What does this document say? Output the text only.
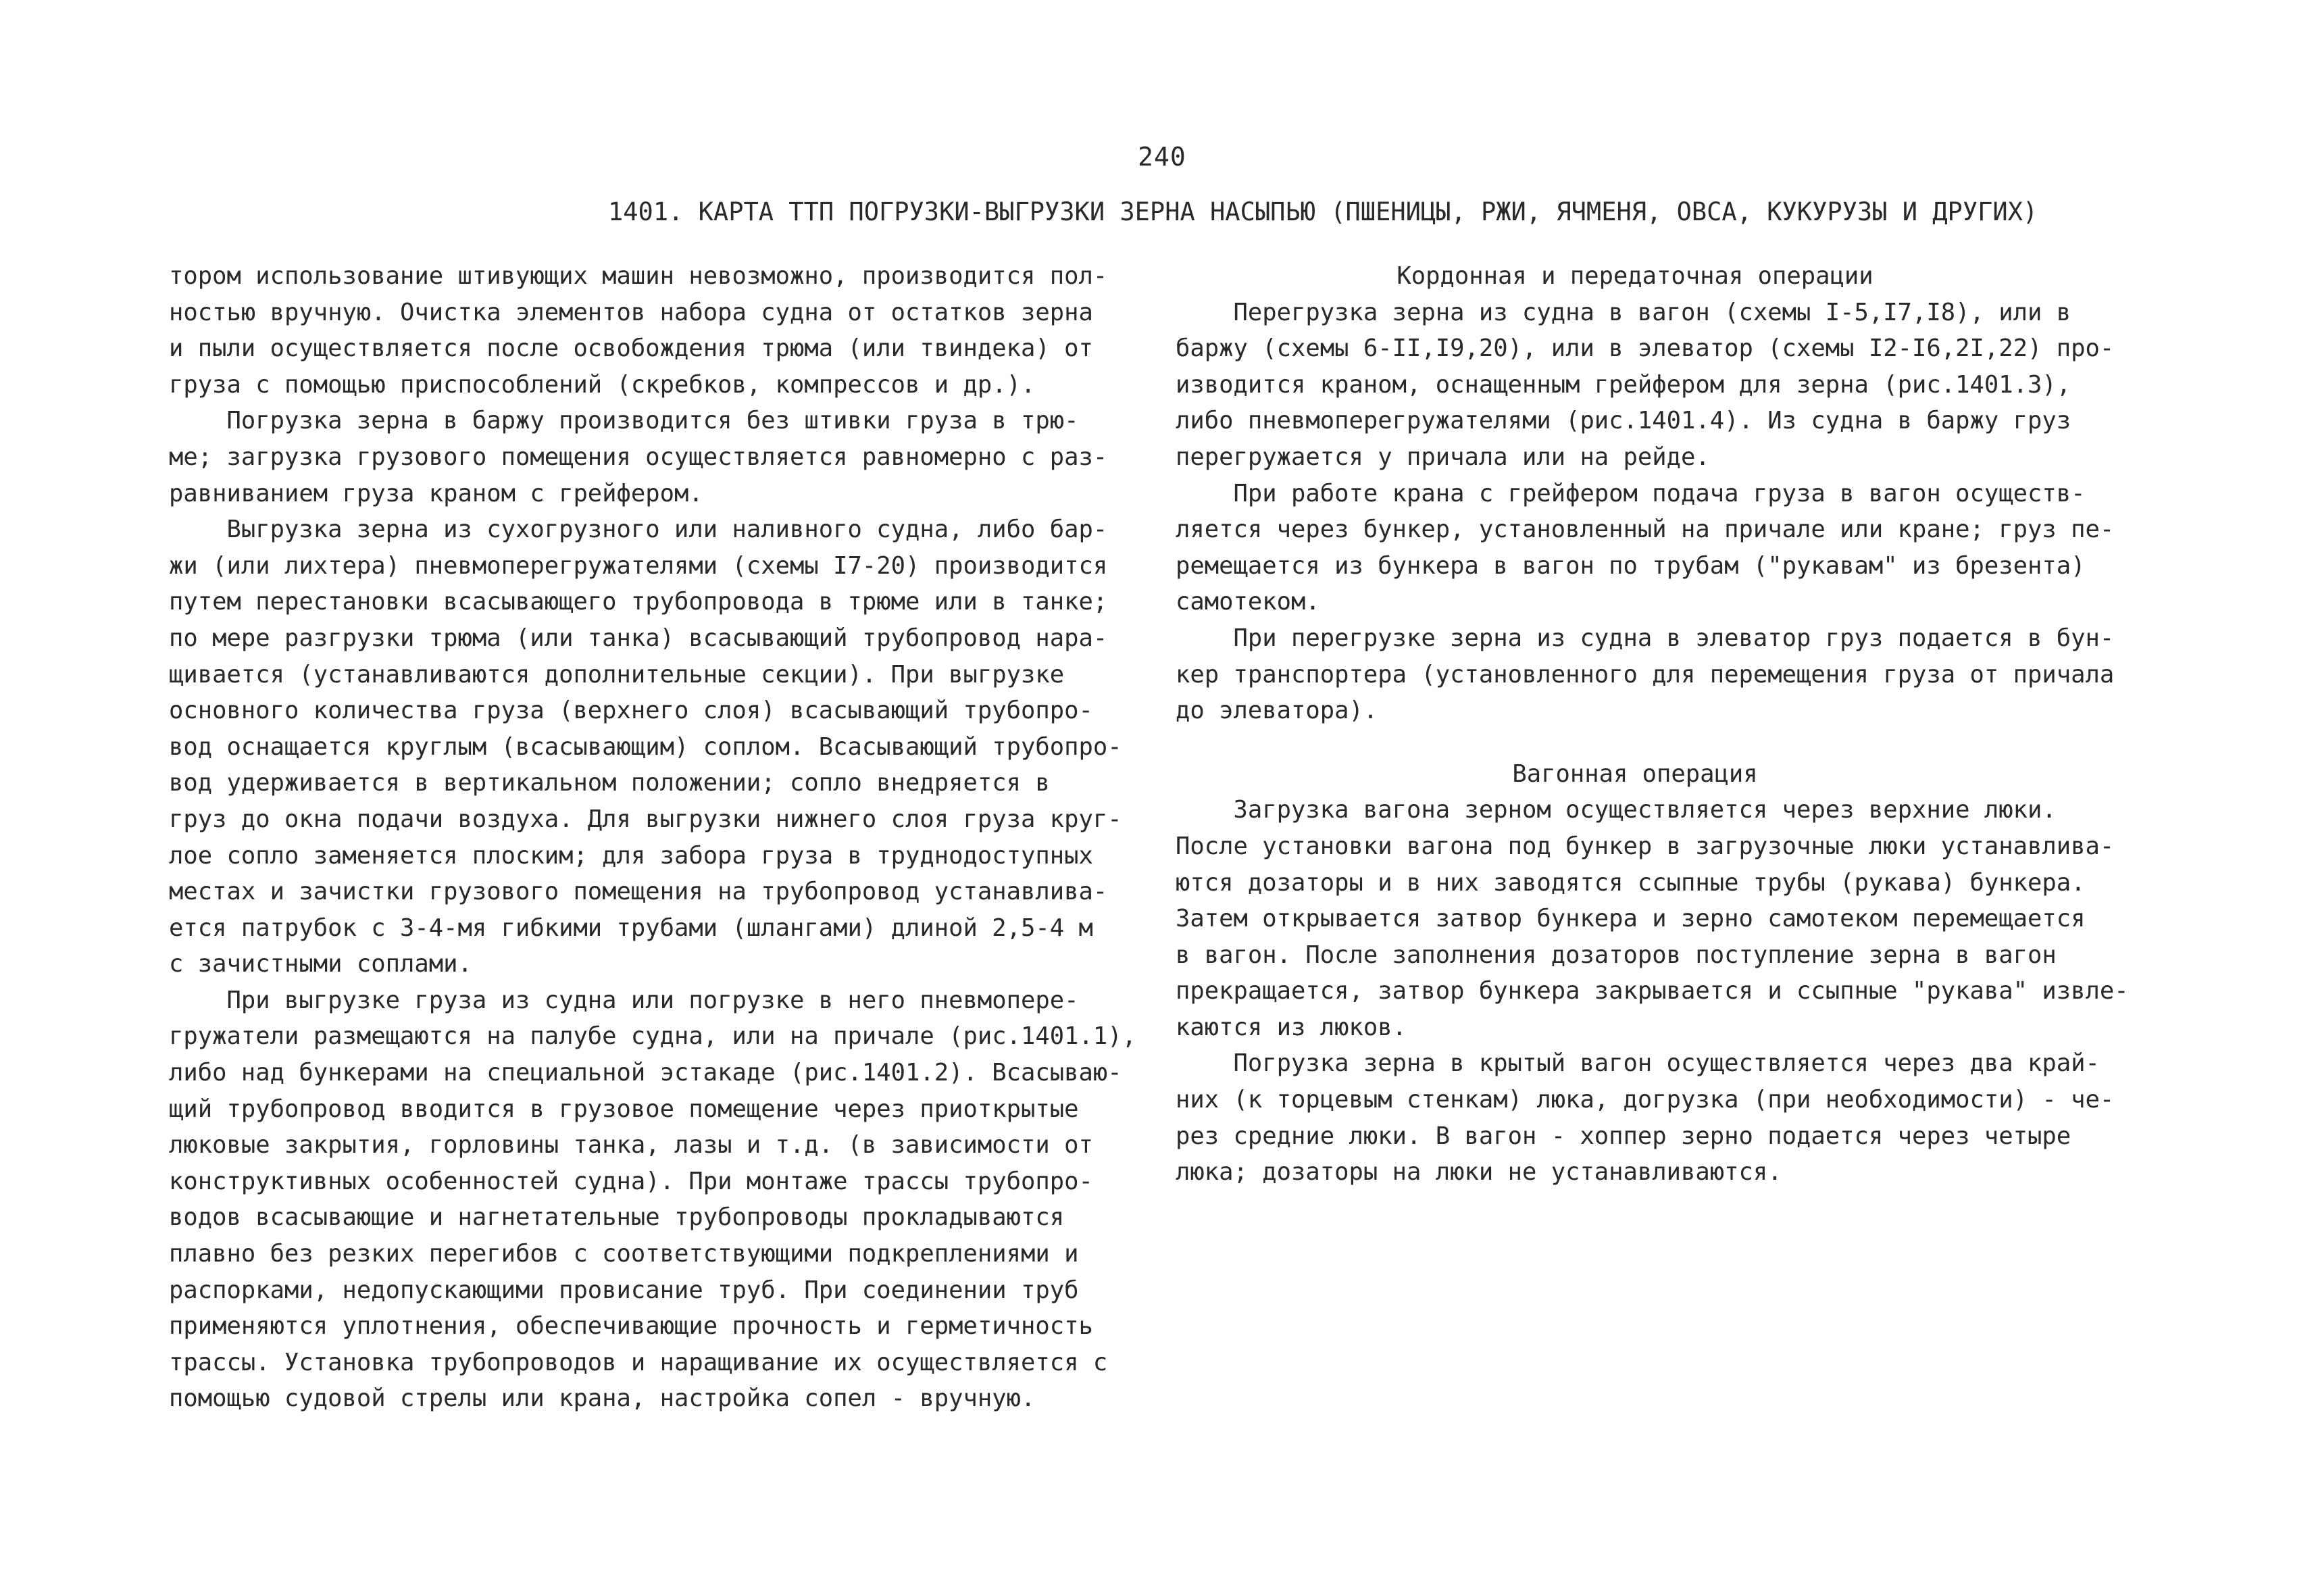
240
1401. КАРТА ТТП ПОГРУЗКИ-ВЫГРУЗКИ ЗЕРНА НАСЫПЬЮ (ПШЕНИЦЫ, РЖИ, ЯЧМЕНЯ, ОВСА, КУКУРУЗЫ И ДРУГИХ)
тором использование штивующих машин невозможно, производится пол-
ностью вручную. Очистка элементов набора судна от остатков зерна
и пыли осуществляется после освобождения трюма (или твиндека) от
груза с помощью приспособлений (скребков, компрессов и др.).
Погрузка зерна в баржу производится без штивки груза в трю-
ме; загрузка грузового помещения осуществляется равномерно с раз-
равниванием груза краном с грейфером.
Выгрузка зерна из сухогрузного или наливного судна, либо бар-
жи (или лихтера) пневмоперегружателями (схемы I7-20) производится
путем перестановки всасывающего трубопровода в трюме или в танке;
по мере разгрузки трюма (или танка) всасывающий трубопровод нара-
щивается (устанавливаются дополнительные секции). При выгрузке
основного количества груза (верхнего слоя) всасывающий трубопро-
вод оснащается круглым (всасывающим) соплом. Всасывающий трубопро-
вод удерживается в вертикальном положении; сопло внедряется в
груз до окна подачи воздуха. Для выгрузки нижнего слоя груза круг-
лое сопло заменяется плоским; для забора груза в труднодоступных
местах и зачистки грузового помещения на трубопровод устанавлива-
ется патрубок с 3-4-мя гибкими трубами (шлангами) длиной 2,5-4 м
с зачистными соплами.
При выгрузке груза из судна или погрузке в него пневмопере-
гружатели размещаются на палубе судна, или на причале (рис.1401.1),
либо над бункерами на специальной эстакаде (рис.1401.2). Всасываю-
щий трубопровод вводится в грузовое помещение через приоткрытые
люковые закрытия, горловины танка, лазы и т.д. (в зависимости от
конструктивных особенностей судна). При монтаже трассы трубопро-
водов всасывающие и нагнетательные трубопроводы прокладываются
плавно без резких перегибов с соответствующими подкреплениями и
распорками, недопускающими провисание труб. При соединении труб
применяются уплотнения, обеспечивающие прочность и герметичность
трассы. Установка трубопроводов и наращивание их осуществляется с
помощью судовой стрелы или крана, настройка сопел - вручную.
Кордонная и передаточная операции
Перегрузка зерна из судна в вагон (схемы I-5,I7,I8), или в
баржу (схемы 6-II,I9,20), или в элеватор (схемы I2-I6,2I,22) про-
изводится краном, оснащенным грейфером для зерна (рис.1401.3),
либо пневмоперегружателями (рис.1401.4). Из судна в баржу груз
перегружается у причала или на рейде.
При работе крана с грейфером подача груза в вагон осуществ-
ляется через бункер, установленный на причале или кране; груз пе-
ремещается из бункера в вагон по трубам ("рукавам" из брезента)
самотеком.
При перегрузке зерна из судна в элеватор груз подается в бун-
кер транспортера (установленного для перемещения груза от причала
до элеватора).
Вагонная операция
Загрузка вагона зерном осуществляется через верхние люки.
После установки вагона под бункер в загрузочные люки устанавлива-
ются дозаторы и в них заводятся ссыпные трубы (рукава) бункера.
Затем открывается затвор бункера и зерно самотеком перемещается
в вагон. После заполнения дозаторов поступление зерна в вагон
прекращается, затвор бункера закрывается и ссыпные "рукава" извле-
каются из люков.
Погрузка зерна в крытый вагон осуществляется через два край-
них (к торцевым стенкам) люка, догрузка (при необходимости) - че-
рез средние люки. В вагон - хоппер зерно подается через четыре
люка; дозаторы на люки не устанавливаются.
